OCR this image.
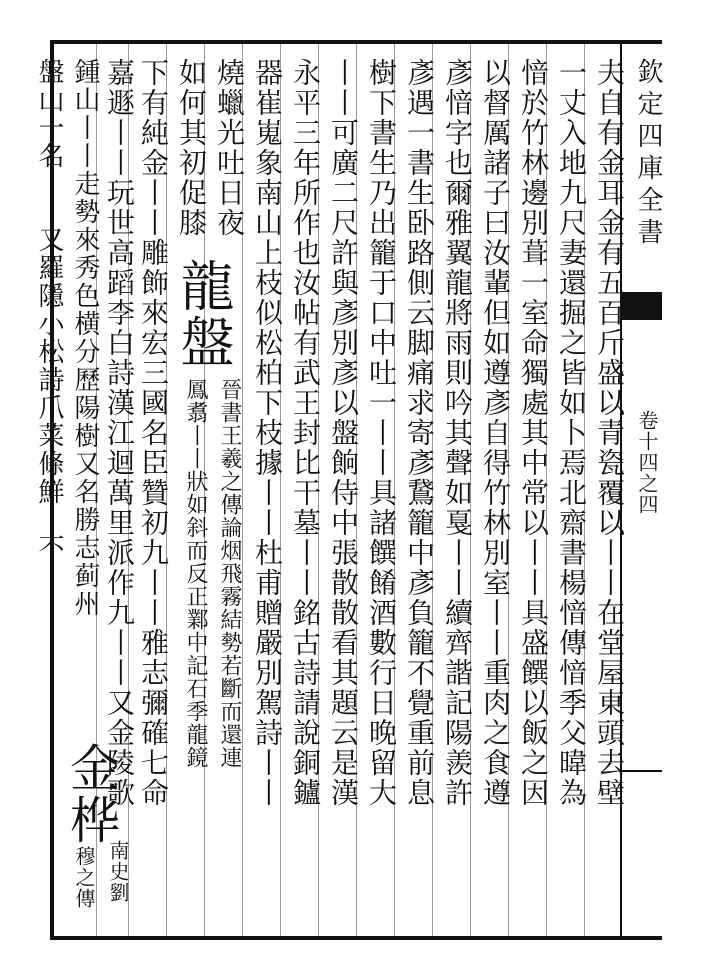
欽定四庫全書
卷十四之四
夫自有金耳金有五百斤盛以青瓷覆以丨丨在堂屋東頭去壁
一丈入地九尺妻還掘之皆如卜焉北齋書楊愔傳愔季父暐為
愔於竹林邊別葺一室命獨處其中常以丨丨具盛饌以飯之因
以督厲諸子曰汝輩但如遵彥自得竹林別室丨丨重肉之食遵
彥愔字也爾雅翼龍將雨則吟其聲如戛丨丨續齊諧記陽羨許
彥遇一書生卧路側云脚痛求寄彥鵞籠中彥負籠不覺重前息
樹下書生乃出籠于口中吐一丨丨具諸饌餚酒數行日晚留大
丨丨可廣二尺許與彥別彥以盤餉侍中張散散看其題云是漢
永平三年所作也汝帖有武王封比干墓丨丨銘古詩請說銅鑪
器崔嵬象南山上枝似松柏下枝據丨丨杜甫贈嚴別駕詩丨丨
燒蠟光吐日夜
如何其初促膝
龍盤
晉書王羲之傳論烟飛霧結勢若斷而還連
鳳翥丨丨狀如斜而反正鄴中記石季龍鏡
下有純金丨丨雕飾來宏三國名臣贊初九丨丨雅志彌確七命
嘉遯丨丨玩世高蹈李白詩漢江迴萬里派作九丨丨又金陵歌
鍾山丨丨走勢來秀色横分歷陽樹又名勝志蓟州
盤山一名丨丨又羅隱小松詩爪菜條鮮丨不丨
金桦
南史劉
穆之傳
